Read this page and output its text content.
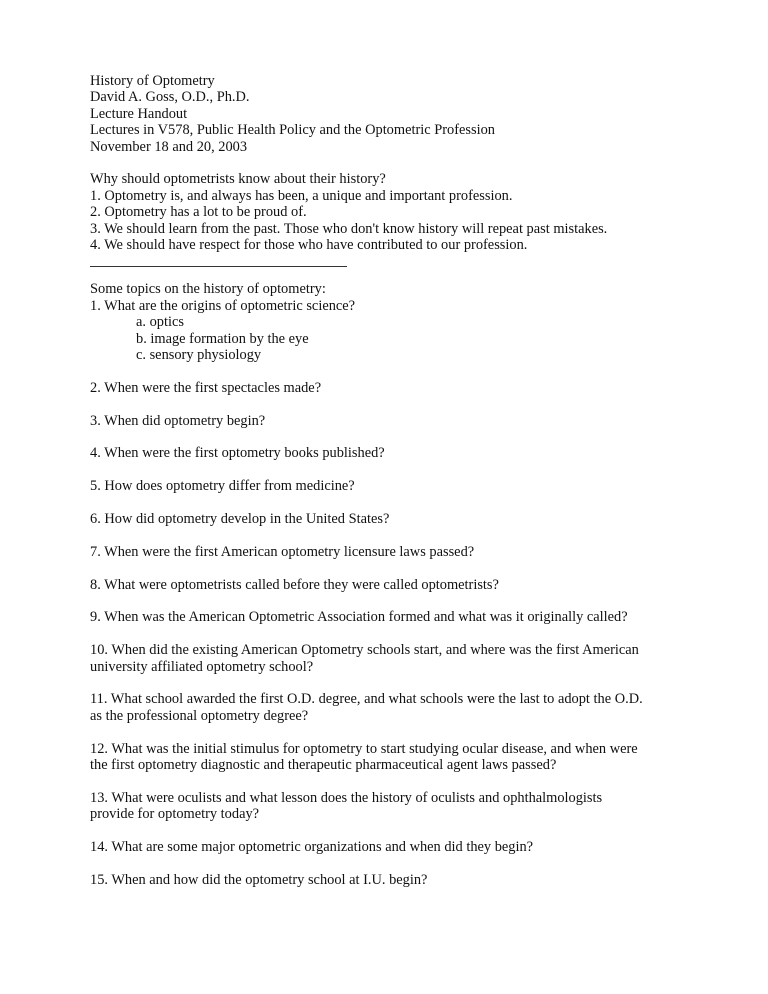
History of Optometry
David A. Goss, O.D., Ph.D.
Lecture Handout
Lectures in V578, Public Health Policy and the Optometric Profession
November 18 and 20, 2003
Why should optometrists know about their history?
1. Optometry is, and always has been, a unique and important profession.
2. Optometry has a lot to be proud of.
3. We should learn from the past. Those who don't know history will repeat past mistakes.
4. We should have respect for those who have contributed to our profession.
Some topics on the history of optometry:
1. What are the origins of optometric science?
a. optics
b. image formation by the eye
c. sensory physiology
2. When were the first spectacles made?
3. When did optometry begin?
4. When were the first optometry books published?
5. How does optometry differ from medicine?
6. How did optometry develop in the United States?
7. When were the first American optometry licensure laws passed?
8. What were optometrists called before they were called optometrists?
9. When was the American Optometric Association formed and what was it originally called?
10. When did the existing American Optometry schools start, and where was the first American
university affiliated optometry school?
11. What school awarded the first O.D. degree, and what schools were the last to adopt the O.D.
as the professional optometry degree?
12. What was the initial stimulus for optometry to start studying ocular disease, and when were
the first optometry diagnostic and therapeutic pharmaceutical agent laws passed?
13. What were oculists and what lesson does the history of oculists and ophthalmologists
provide for optometry today?
14. What are some major optometric organizations and when did they begin?
15. When and how did the optometry school at I.U. begin?
